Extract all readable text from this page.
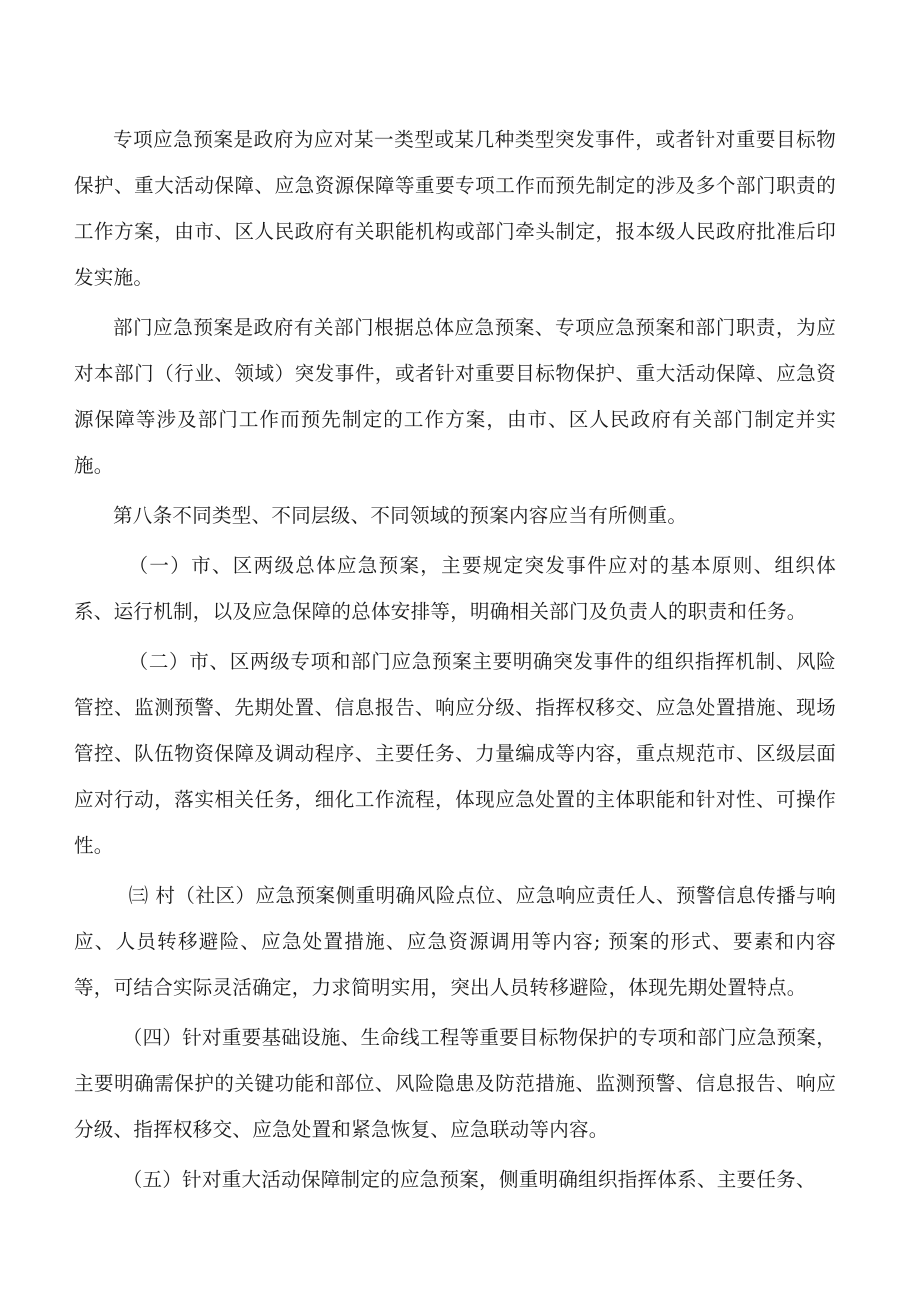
专项应急预案是政府为应对某一类型或某几种类型突发事件，或者针对重要目标物保护、重大活动保障、应急资源保障等重要专项工作而预先制定的涉及多个部门职责的工作方案，由市、区人民政府有关职能机构或部门牵头制定，报本级人民政府批准后印发实施。

部门应急预案是政府有关部门根据总体应急预案、专项应急预案和部门职责，为应对本部门（行业、领域）突发事件，或者针对重要目标物保护、重大活动保障、应急资源保障等涉及部门工作而预先制定的工作方案，由市、区人民政府有关部门制定并实施。

第八条不同类型、不同层级、不同领域的预案内容应当有所侧重。

（一）市、区两级总体应急预案，主要规定突发事件应对的基本原则、组织体系、运行机制，以及应急保障的总体安排等，明确相关部门及负责人的职责和任务。

（二）市、区两级专项和部门应急预案主要明确突发事件的组织指挥机制、风险管控、监测预警、先期处置、信息报告、响应分级、指挥权移交、应急处置措施、现场管控、队伍物资保障及调动程序、主要任务、力量编成等内容，重点规范市、区级层面应对行动，落实相关任务，细化工作流程，体现应急处置的主体职能和针对性、可操作性。

㈢ 村（社区）应急预案侧重明确风险点位、应急响应责任人、预警信息传播与响应、人员转移避险、应急处置措施、应急资源调用等内容; 预案的形式、要素和内容等，可结合实际灵活确定，力求简明实用，突出人员转移避险，体现先期处置特点。

（四）针对重要基础设施、生命线工程等重要目标物保护的专项和部门应急预案，主要明确需保护的关键功能和部位、风险隐患及防范措施、监测预警、信息报告、响应分级、指挥权移交、应急处置和紧急恢复、应急联动等内容。

（五）针对重大活动保障制定的应急预案，侧重明确组织指挥体系、主要任务、
